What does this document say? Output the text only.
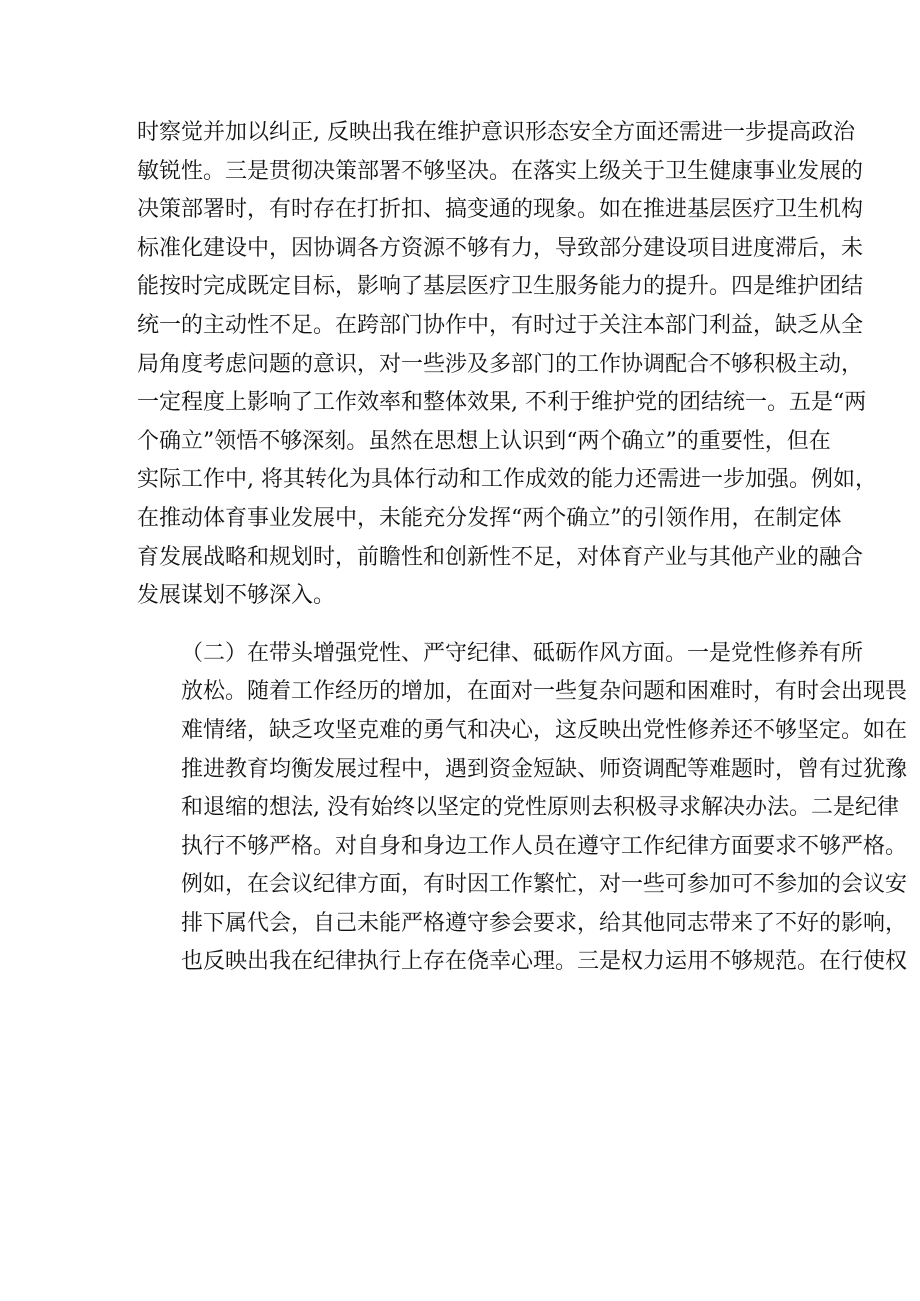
时察觉并加以纠正, 反映出我在维护意识形态安全方面还需进一步提高政治
敏锐性。三是贯彻决策部署不够坚决。在落实上级关于卫生健康事业发展的
决策部署时，有时存在打折扣、搞变通的现象。如在推进基层医疗卫生机构
标准化建设中，因协调各方资源不够有力，导致部分建设项目进度滞后，未
能按时完成既定目标，影响了基层医疗卫生服务能力的提升。四是维护团结
统一的主动性不足。在跨部门协作中，有时过于关注本部门利益，缺乏从全
局角度考虑问题的意识，对一些涉及多部门的工作协调配合不够积极主动，
一定程度上影响了工作效率和整体效果, 不利于维护党的团结统一。五是“两
个确立”领悟不够深刻。虽然在思想上认识到“两个确立”的重要性，但在
实际工作中, 将其转化为具体行动和工作成效的能力还需进一步加强。例如，
在推动体育事业发展中，未能充分发挥“两个确立”的引领作用，在制定体
育发展战略和规划时，前瞻性和创新性不足，对体育产业与其他产业的融合
发展谋划不够深入。

（二）在带头增强党性、严守纪律、砥砺作风方面。一是党性修养有所
放松。随着工作经历的增加，在面对一些复杂问题和困难时，有时会出现畏
难情绪，缺乏攻坚克难的勇气和决心，这反映出党性修养还不够坚定。如在
推进教育均衡发展过程中，遇到资金短缺、师资调配等难题时，曾有过犹豫
和退缩的想法, 没有始终以坚定的党性原则去积极寻求解决办法。二是纪律
执行不够严格。对自身和身边工作人员在遵守工作纪律方面要求不够严格。
例如，在会议纪律方面，有时因工作繁忙，对一些可参加可不参加的会议安
排下属代会，自己未能严格遵守参会要求，给其他同志带来了不好的影响，
也反映出我在纪律执行上存在侥幸心理。三是权力运用不够规范。在行使权
